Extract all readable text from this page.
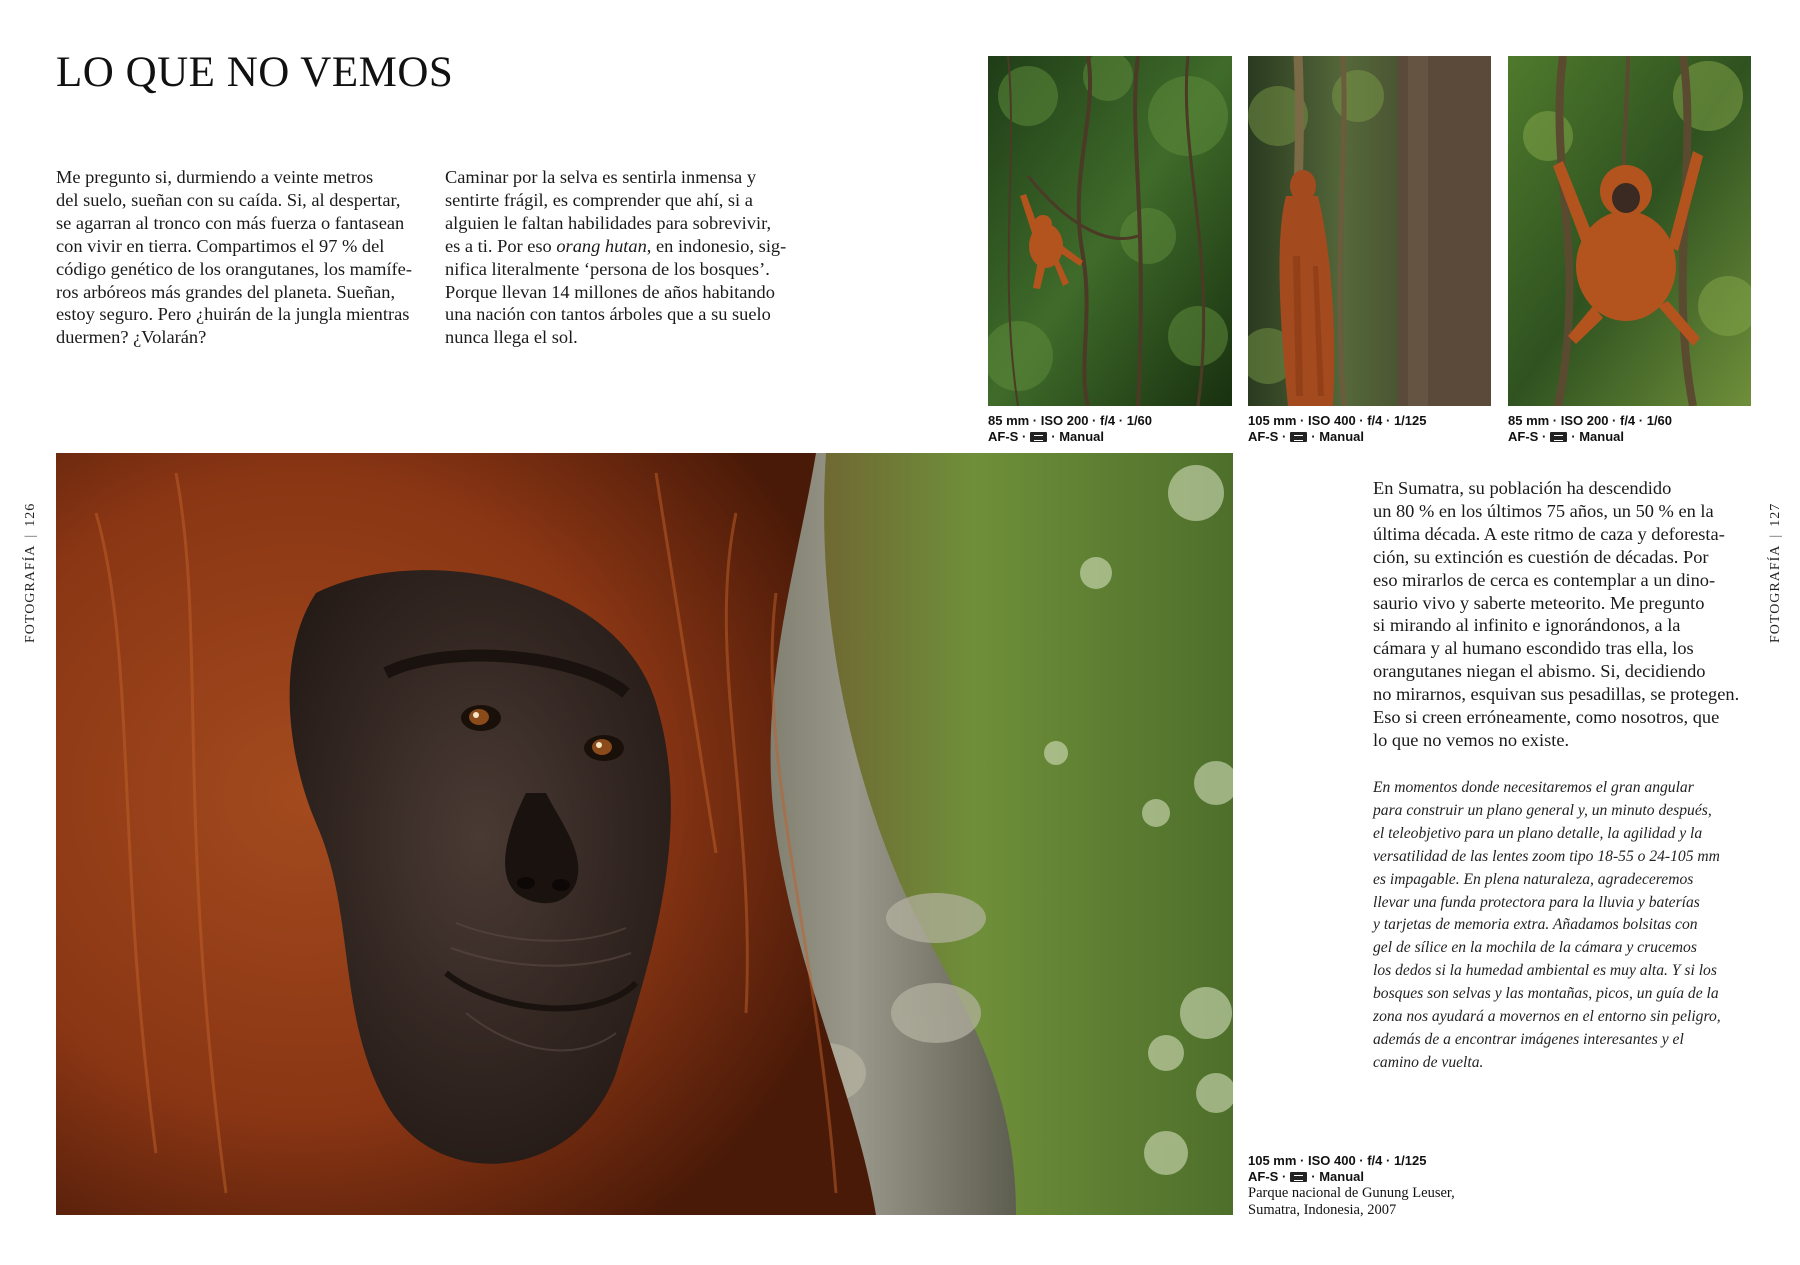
LO QUE NO VEMOS

Me pregunto si, durmiendo a veinte metros

del suelo, sueñan con su caída. Si, al despertar,

se agarran al tronco con más fuerza o fantasean

con vivir en tierra. Compartimos el 97 % del

código genético de los orangutanes, los mamífe-

ros arbóreos más grandes del planeta. Sueñan,

estoy seguro. Pero ¿huirán de la jungla mientras

duermen? ¿Volarán?

Caminar por la selva es sentirla inmensa y

sentirte frágil, es comprender que ahí, si a

alguien le faltan habilidades para sobrevivir,

es a ti. Por eso orang hutan, en indonesio, sig-

nifica literalmente ‘persona de los bosques’.

Porque llevan 14 millones de años habitando

una nación con tantos árboles que a su suelo

nunca llega el sol.

85 mm · ISO 200 · f/4 · 1/60
AF-S · · Manual
105 mm · ISO 400 · f/4 · 1/125
AF-S · · Manual
85 mm · ISO 200 · f/4 · 1/60
AF-S · · Manual

En Sumatra, su población ha descendido

un 80 % en los últimos 75 años, un 50 % en la

última década. A este ritmo de caza y deforesta-

ción, su extinción es cuestión de décadas. Por

eso mirarlos de cerca es contemplar a un dino-

saurio vivo y saberte meteorito. Me pregunto

si mirando al infinito e ignorándonos, a la

cámara y al humano escondido tras ella, los

orangutanes niegan el abismo. Si, decidiendo

no mirarnos, esquivan sus pesadillas, se protegen.

Eso si creen erróneamente, como nosotros, que

lo que no vemos no existe.

En momentos donde necesitaremos el gran angular

para construir un plano general y, un minuto después,

el teleobjetivo para un plano detalle, la agilidad y la

versatilidad de las lentes zoom tipo 18-55 o 24-105 mm

es impagable. En plena naturaleza, agradeceremos

llevar una funda protectora para la lluvia y baterías

y tarjetas de memoria extra. Añadamos bolsitas con

gel de sílice en la mochila de la cámara y crucemos

los dedos si la humedad ambiental es muy alta. Y si los

bosques son selvas y las montañas, picos, un guía de la

zona nos ayudará a movernos en el entorno sin peligro,

además de a encontrar imágenes interesantes y el

camino de vuelta.

105 mm · ISO 400 · f/4 · 1/125
AF-S · · Manual
Parque nacional de Gunung Leuser,
Sumatra, Indonesia, 2007
FOTOGRAFÍA|126
FOTOGRAFÍA|127
